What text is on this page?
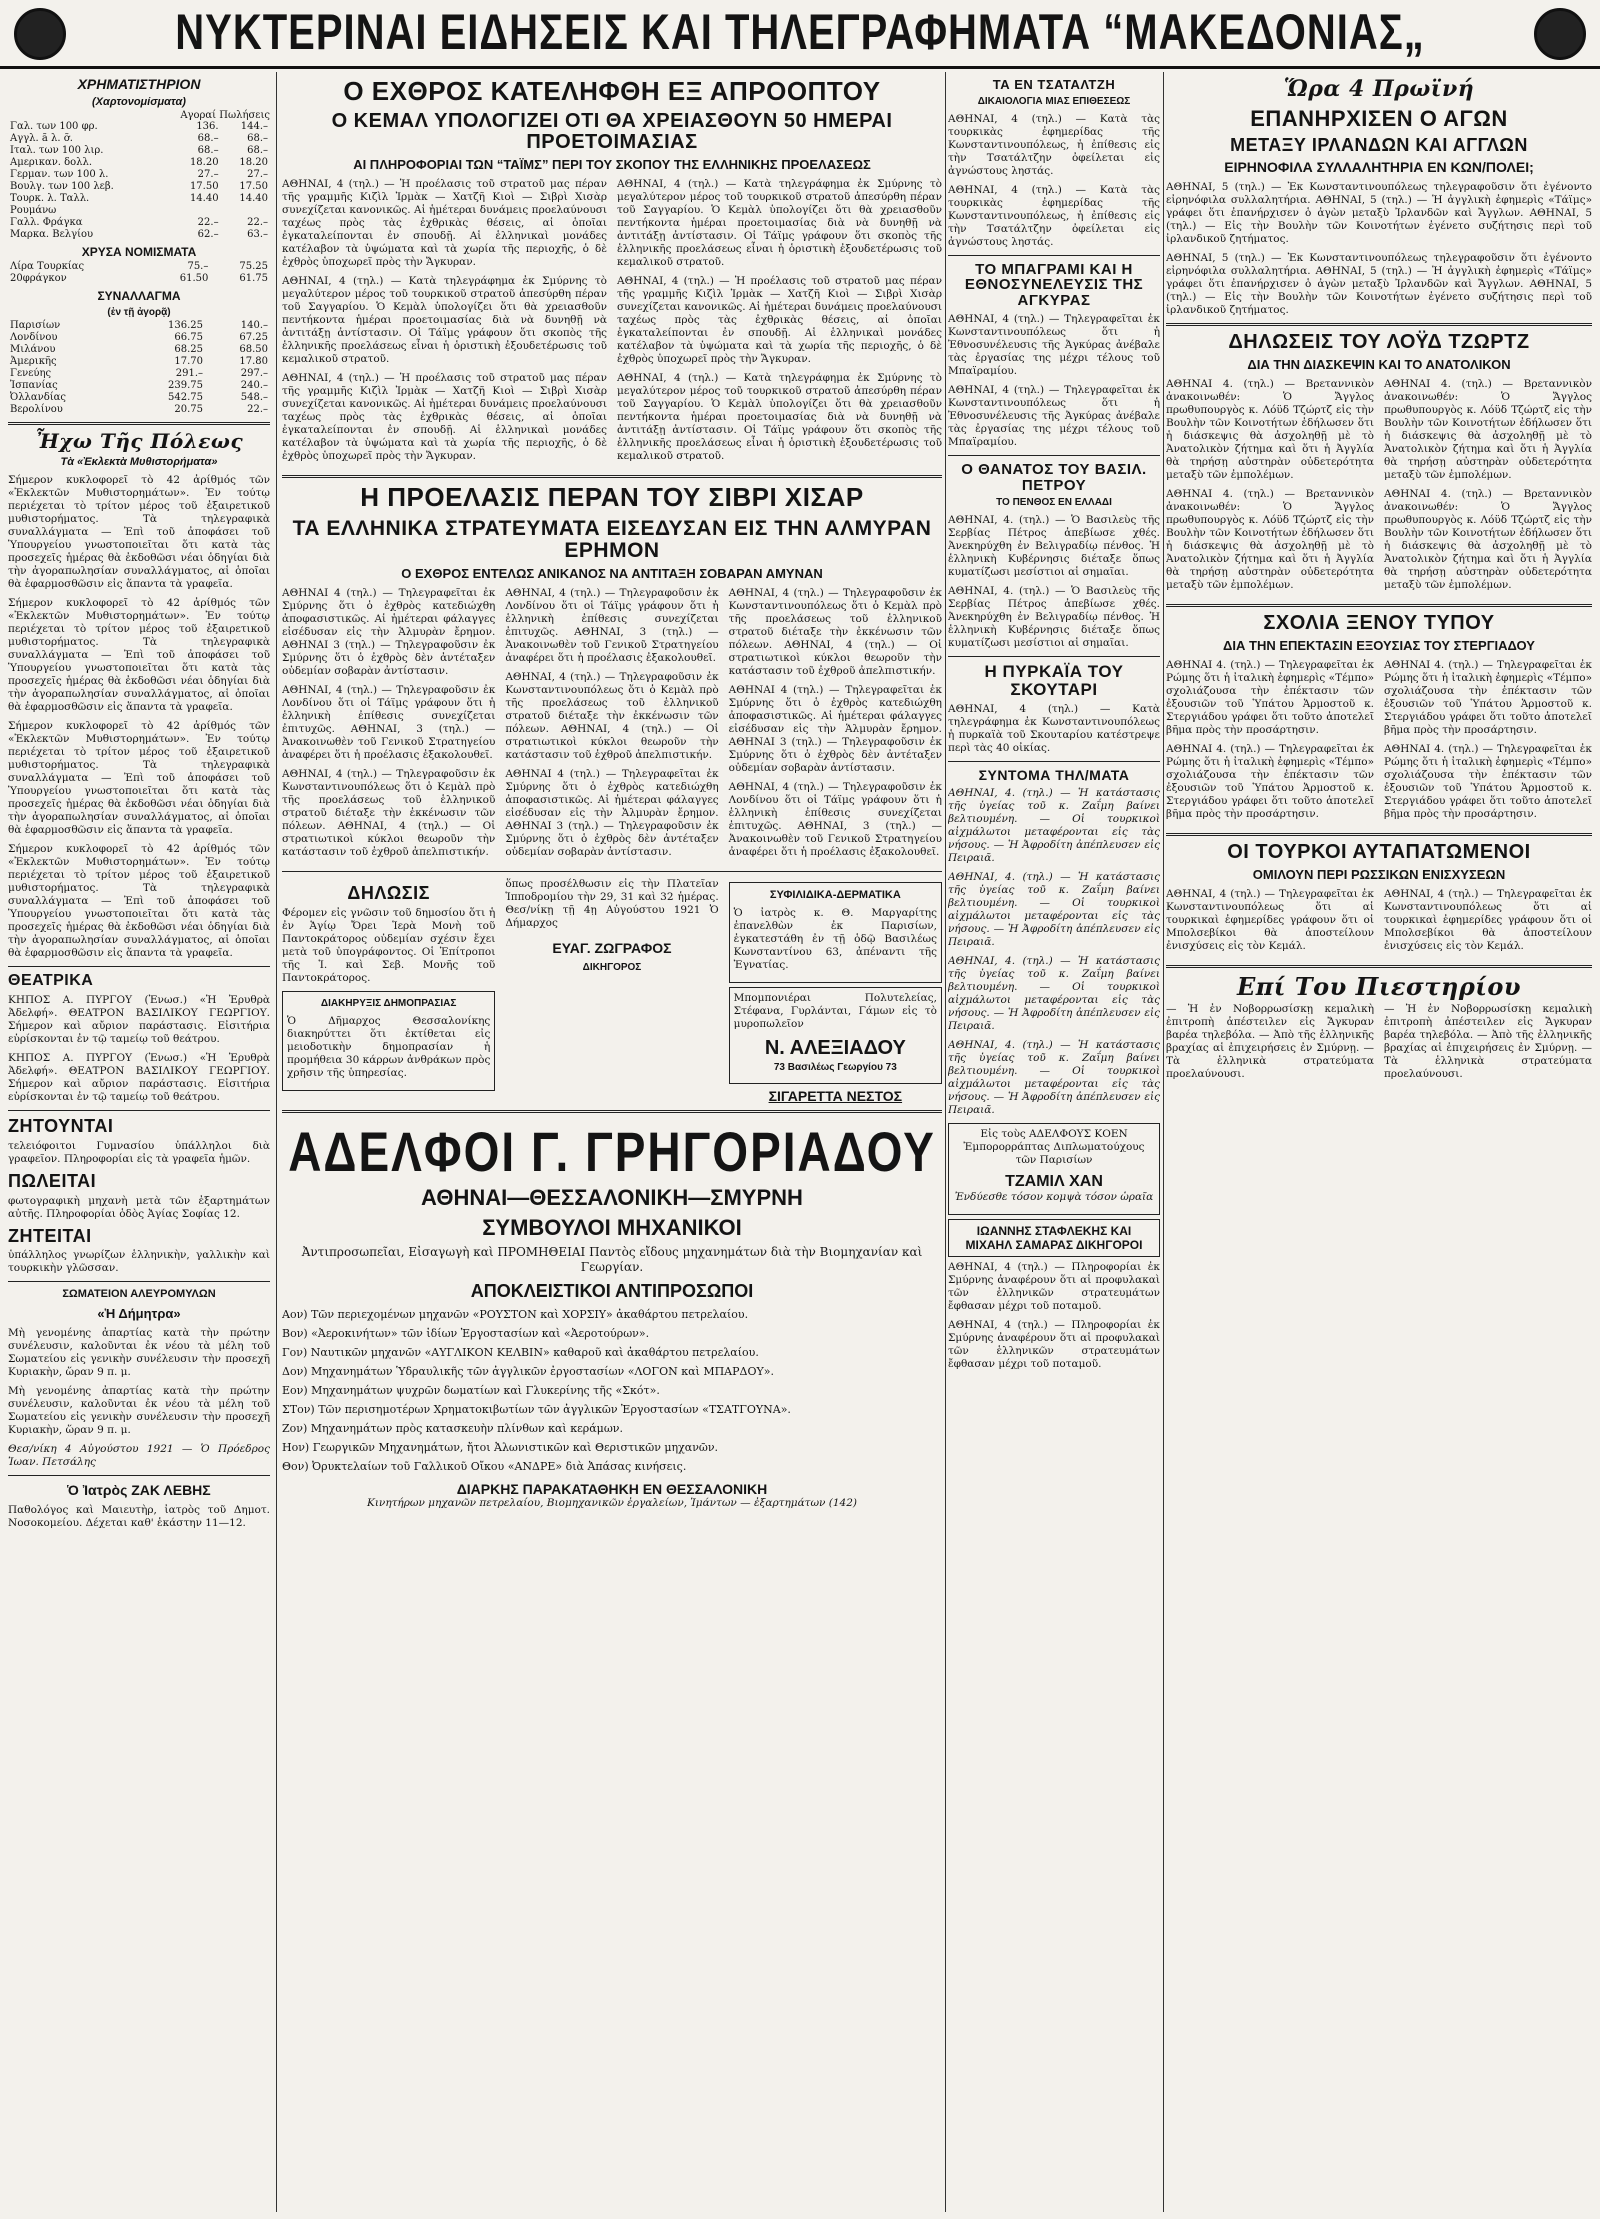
ΝΥΚΤΕΡΙΝΑΙ ΕΙΔΗΣΕΙΣ ΚΑΙ ΤΗΛΕΓΡΑΦΗΜΑΤΑ “ΜΑΚΕΔΟΝΙΑΣ„
ΧΡΗΜΑΤΙΣΤΗΡΙΟΝ
(Χαρτονομίσματα)
Αγοραί Πωλήσεις
Γαλ. των 100 φρ.	136.	144.–
Αγγλ. ã λ. ỡ.	68.–	68.–
Ιταλ. των 100 λιρ.	68.–	68.–
Αμερικαν. δολλ.	18.20	18.20
Γερμαν. των 100 λ.	27.–	27.–
Βουλγ. των 100 λεβ.	17.50	17.50
Τουρκ. λ. Ταλλ.	14.40	14.40
Ρουμάνω		
Γαλλ. Φράγκα	22.–	22.–
Μαρκα. Βελγίου	62.–	63.–
ΧΡΥΣΑ ΝΟΜΙΣΜΑΤΑ
Λίρα Τουρκίας	75.–	75.25
20φράγκον	61.50	61.75
ΣΥΝΑΛΛΑΓΜΑ
(ἐν τῇ ἀγορᾷ)
Παρισίων	136.25	140.–
Λονδίνου	66.75	67.25
Μιλάνου	68.25	68.50
Ἀμερικῆς	17.70	17.80
Γενεύης	291.–	297.–
Ἰσπανίας	239.75	240.–
Ὀλλανδίας	542.75	548.–
Βερολίνου	20.75	22.–
Ἦχω Τῆς Πόλεως
Τὰ «Ἐκλεκτὰ Μυθιστορήματα»

Σήμερον κυκλοφορεῖ τὸ 42 ἀρίθμός τῶν «Ἐκλεκτῶν Μυθιστορημάτων». Ἐν τούτῳ περιέχεται τὸ τρίτον μέρος τοῦ ἐξαιρετικοῦ μυθιστορήματος. Τὰ τηλεγραφικὰ συναλλάγματα — Ἐπὶ τοῦ ἀποφάσει τοῦ Ὑπουργείου γνωστοποιεῖται ὅτι κατὰ τὰς προσεχεῖς ἡμέρας θὰ ἐκδοθῶσι νέαι ὁδηγίαι διὰ τὴν ἀγοραπωλησίαν συναλλάγματος, αἱ ὁποῖαι θὰ ἐφαρμοσθῶσιν εἰς ἅπαντα τὰ γραφεῖα.

Σήμερον κυκλοφορεῖ τὸ 42 ἀρίθμός τῶν «Ἐκλεκτῶν Μυθιστορημάτων». Ἐν τούτῳ περιέχεται τὸ τρίτον μέρος τοῦ ἐξαιρετικοῦ μυθιστορήματος. Τὰ τηλεγραφικὰ συναλλάγματα — Ἐπὶ τοῦ ἀποφάσει τοῦ Ὑπουργείου γνωστοποιεῖται ὅτι κατὰ τὰς προσεχεῖς ἡμέρας θὰ ἐκδοθῶσι νέαι ὁδηγίαι διὰ τὴν ἀγοραπωλησίαν συναλλάγματος, αἱ ὁποῖαι θὰ ἐφαρμοσθῶσιν εἰς ἅπαντα τὰ γραφεῖα.

Σήμερον κυκλοφορεῖ τὸ 42 ἀρίθμός τῶν «Ἐκλεκτῶν Μυθιστορημάτων». Ἐν τούτῳ περιέχεται τὸ τρίτον μέρος τοῦ ἐξαιρετικοῦ μυθιστορήματος. Τὰ τηλεγραφικὰ συναλλάγματα — Ἐπὶ τοῦ ἀποφάσει τοῦ Ὑπουργείου γνωστοποιεῖται ὅτι κατὰ τὰς προσεχεῖς ἡμέρας θὰ ἐκδοθῶσι νέαι ὁδηγίαι διὰ τὴν ἀγοραπωλησίαν συναλλάγματος, αἱ ὁποῖαι θὰ ἐφαρμοσθῶσιν εἰς ἅπαντα τὰ γραφεῖα.

Σήμερον κυκλοφορεῖ τὸ 42 ἀρίθμός τῶν «Ἐκλεκτῶν Μυθιστορημάτων». Ἐν τούτῳ περιέχεται τὸ τρίτον μέρος τοῦ ἐξαιρετικοῦ μυθιστορήματος. Τὰ τηλεγραφικὰ συναλλάγματα — Ἐπὶ τοῦ ἀποφάσει τοῦ Ὑπουργείου γνωστοποιεῖται ὅτι κατὰ τὰς προσεχεῖς ἡμέρας θὰ ἐκδοθῶσι νέαι ὁδηγίαι διὰ τὴν ἀγοραπωλησίαν συναλλάγματος, αἱ ὁποῖαι θὰ ἐφαρμοσθῶσιν εἰς ἅπαντα τὰ γραφεῖα.

ΘΕΑΤΡΙΚΑ

ΚΗΠΟΣ Α. ΠΥΡΓΟΥ (Ἐνωσ.) «Ἡ Ἐρυθρὰ Ἀδελφή». ΘΕΑΤΡΟΝ ΒΑΣΙΛΙΚΟΥ ΓΕΩΡΓΙΟΥ. Σήμερον καὶ αὔριον παράστασις. Εἰσιτήρια εὑρίσκονται ἐν τῷ ταμείῳ τοῦ θεάτρου.

ΚΗΠΟΣ Α. ΠΥΡΓΟΥ (Ἐνωσ.) «Ἡ Ἐρυθρὰ Ἀδελφή». ΘΕΑΤΡΟΝ ΒΑΣΙΛΙΚΟΥ ΓΕΩΡΓΙΟΥ. Σήμερον καὶ αὔριον παράστασις. Εἰσιτήρια εὑρίσκονται ἐν τῷ ταμείῳ τοῦ θεάτρου.

ΖΗΤΟΥΝΤΑΙ

τελειόφοιτοι Γυμνασίου ὑπάλληλοι διὰ γραφεῖον. Πληροφορίαι εἰς τὰ γραφεῖα ἡμῶν.

ΠΩΛΕΙΤΑΙ

φωτογραφικὴ μηχανὴ μετὰ τῶν ἐξαρτημάτων αὐτῆς. Πληροφορίαι ὁδὸς Ἀγίας Σοφίας 12.

ΖΗΤΕΙΤΑΙ

ὑπάλληλος γνωρίζων ἑλληνικὴν, γαλλικὴν καὶ τουρκικὴν γλῶσσαν.

ΣΩΜΑΤΕΙΟΝ ΑΛΕΥΡΟΜΥΛΩΝ
«Ἡ Δήμητρα»

Μὴ γενομένης ἀπαρτίας κατὰ τὴν πρώτην συνέλευσιν, καλοῦνται ἐκ νέου τὰ μέλη τοῦ Σωματείου εἰς γενικὴν συνέλευσιν τὴν προσεχῆ Κυριακὴν, ὥραν 9 π. μ.

Μὴ γενομένης ἀπαρτίας κατὰ τὴν πρώτην συνέλευσιν, καλοῦνται ἐκ νέου τὰ μέλη τοῦ Σωματείου εἰς γενικὴν συνέλευσιν τὴν προσεχῆ Κυριακὴν, ὥραν 9 π. μ.

Θεσ/νίκη 4 Αὐγούστου 1921 — Ὁ Πρόεδρος Ἰωαν. Πετσάλης

Ὁ Ἰατρὸς ΖΑΚ ΛΕΒΗΣ

Παθολόγος καὶ Μαιευτὴρ, ἰατρὸς τοῦ Δημοτ. Νοσοκομείου. Δέχεται καθ' ἑκάστην 11—12.

Ο ΕΧΘΡΟΣ ΚΑΤΕΛΗΦΘΗ ΕΞ ΑΠΡΟΟΠΤΟΥ
Ο ΚΕΜΑΛ ΥΠΟΛΟΓΙΖΕΙ ΟΤΙ ΘΑ ΧΡΕΙΑΣΘΟΥΝ 50 ΗΜΕΡΑΙ ΠΡΟΕΤΟΙΜΑΣΙΑΣ
ΑΙ ΠΛΗΡΟΦΟΡΙΑΙ ΤΩΝ “ΤΑΪΜΣ” ΠΕΡΙ ΤΟΥ ΣΚΟΠΟΥ ΤΗΣ ΕΛΛΗΝΙΚΗΣ ΠΡΟΕΛΑΣΕΩΣ

ΑΘΗΝΑΙ, 4 (τηλ.) — Ἡ προέλασις τοῦ στρατοῦ μας πέραν τῆς γραμμῆς Κιζὶλ Ἰρμὰκ — Χατζῆ Κιοὶ — Σιβρὶ Χισὰρ συνεχίζεται κανονικῶς. Αἱ ἡμέτεραι δυνάμεις προελαύνουσι ταχέως πρὸς τὰς ἐχθρικὰς θέσεις, αἱ ὁποῖαι ἐγκαταλείπονται ἐν σπουδῇ. Αἱ ἑλληνικαὶ μονάδες κατέλαβον τὰ ὑψώματα καὶ τὰ χωρία τῆς περιοχῆς, ὁ δὲ ἐχθρὸς ὑποχωρεῖ πρὸς τὴν Ἄγκυραν.

ΑΘΗΝΑΙ, 4 (τηλ.) — Κατὰ τηλεγράφημα ἐκ Σμύρνης τὸ μεγαλύτερον μέρος τοῦ τουρκικοῦ στρατοῦ ἀπεσύρθη πέραν τοῦ Σαγγαρίου. Ὁ Κεμὰλ ὑπολογίζει ὅτι θὰ χρειασθοῦν πεντήκοντα ἡμέραι προετοιμασίας διὰ νὰ δυνηθῇ νὰ ἀντιτάξῃ ἀντίστασιν. Οἱ Τάϊμς γράφουν ὅτι σκοπὸς τῆς ἑλληνικῆς προελάσεως εἶναι ἡ ὁριστικὴ ἐξουδετέρωσις τοῦ κεμαλικοῦ στρατοῦ.

ΑΘΗΝΑΙ, 4 (τηλ.) — Ἡ προέλασις τοῦ στρατοῦ μας πέραν τῆς γραμμῆς Κιζὶλ Ἰρμὰκ — Χατζῆ Κιοὶ — Σιβρὶ Χισὰρ συνεχίζεται κανονικῶς. Αἱ ἡμέτεραι δυνάμεις προελαύνουσι ταχέως πρὸς τὰς ἐχθρικὰς θέσεις, αἱ ὁποῖαι ἐγκαταλείπονται ἐν σπουδῇ. Αἱ ἑλληνικαὶ μονάδες κατέλαβον τὰ ὑψώματα καὶ τὰ χωρία τῆς περιοχῆς, ὁ δὲ ἐχθρὸς ὑποχωρεῖ πρὸς τὴν Ἄγκυραν.

ΑΘΗΝΑΙ, 4 (τηλ.) — Κατὰ τηλεγράφημα ἐκ Σμύρνης τὸ μεγαλύτερον μέρος τοῦ τουρκικοῦ στρατοῦ ἀπεσύρθη πέραν τοῦ Σαγγαρίου. Ὁ Κεμὰλ ὑπολογίζει ὅτι θὰ χρειασθοῦν πεντήκοντα ἡμέραι προετοιμασίας διὰ νὰ δυνηθῇ νὰ ἀντιτάξῃ ἀντίστασιν. Οἱ Τάϊμς γράφουν ὅτι σκοπὸς τῆς ἑλληνικῆς προελάσεως εἶναι ἡ ὁριστικὴ ἐξουδετέρωσις τοῦ κεμαλικοῦ στρατοῦ.

ΑΘΗΝΑΙ, 4 (τηλ.) — Ἡ προέλασις τοῦ στρατοῦ μας πέραν τῆς γραμμῆς Κιζὶλ Ἰρμὰκ — Χατζῆ Κιοὶ — Σιβρὶ Χισὰρ συνεχίζεται κανονικῶς. Αἱ ἡμέτεραι δυνάμεις προελαύνουσι ταχέως πρὸς τὰς ἐχθρικὰς θέσεις, αἱ ὁποῖαι ἐγκαταλείπονται ἐν σπουδῇ. Αἱ ἑλληνικαὶ μονάδες κατέλαβον τὰ ὑψώματα καὶ τὰ χωρία τῆς περιοχῆς, ὁ δὲ ἐχθρὸς ὑποχωρεῖ πρὸς τὴν Ἄγκυραν.

ΑΘΗΝΑΙ, 4 (τηλ.) — Κατὰ τηλεγράφημα ἐκ Σμύρνης τὸ μεγαλύτερον μέρος τοῦ τουρκικοῦ στρατοῦ ἀπεσύρθη πέραν τοῦ Σαγγαρίου. Ὁ Κεμὰλ ὑπολογίζει ὅτι θὰ χρειασθοῦν πεντήκοντα ἡμέραι προετοιμασίας διὰ νὰ δυνηθῇ νὰ ἀντιτάξῃ ἀντίστασιν. Οἱ Τάϊμς γράφουν ὅτι σκοπὸς τῆς ἑλληνικῆς προελάσεως εἶναι ἡ ὁριστικὴ ἐξουδετέρωσις τοῦ κεμαλικοῦ στρατοῦ.

Η ΠΡΟΕΛΑΣΙΣ ΠΕΡΑΝ ΤΟΥ ΣΙΒΡΙ ΧΙΣΑΡ
ΤΑ ΕΛΛΗΝΙΚΑ ΣΤΡΑΤΕΥΜΑΤΑ ΕΙΣΕΔΥΣΑΝ ΕΙΣ ΤΗΝ ΑΛΜΥΡΑΝ ΕΡΗΜΟΝ
Ο ΕΧΘΡΟΣ ΕΝΤΕΛΩΣ ΑΝΙΚΑΝΟΣ ΝΑ ΑΝΤΙΤΑΞΗ ΣΟΒΑΡΑΝ ΑΜΥΝΑΝ

ΑΘΗΝΑΙ 4 (τηλ.) — Τηλεγραφεῖται ἐκ Σμύρνης ὅτι ὁ ἐχθρὸς κατεδιώχθη ἀποφασιστικῶς. Αἱ ἡμέτεραι φάλαγγες εἰσέδυσαν εἰς τὴν Ἁλμυρὰν ἔρημον. ΑΘΗΝΑΙ 3 (τηλ.) — Τηλεγραφοῦσιν ἐκ Σμύρνης ὅτι ὁ ἐχθρὸς δὲν ἀντέταξεν οὐδεμίαν σοβαρὰν ἀντίστασιν.

ΑΘΗΝΑΙ, 4 (τηλ.) — Τηλεγραφοῦσιν ἐκ Λονδίνου ὅτι οἱ Τάϊμς γράφουν ὅτι ἡ ἑλληνικὴ ἐπίθεσις συνεχίζεται ἐπιτυχῶς. ΑΘΗΝΑΙ, 3 (τηλ.) — Ἀνακοινωθὲν τοῦ Γενικοῦ Στρατηγείου ἀναφέρει ὅτι ἡ προέλασις ἐξακολουθεῖ.

ΑΘΗΝΑΙ, 4 (τηλ.) — Τηλεγραφοῦσιν ἐκ Κωνσταντινουπόλεως ὅτι ὁ Κεμὰλ πρὸ τῆς προελάσεως τοῦ ἑλληνικοῦ στρατοῦ διέταξε τὴν ἐκκένωσιν τῶν πόλεων. ΑΘΗΝΑΙ, 4 (τηλ.) — Οἱ στρατιωτικοὶ κύκλοι θεωροῦν τὴν κατάστασιν τοῦ ἐχθροῦ ἀπελπιστικήν.

ΑΘΗΝΑΙ, 4 (τηλ.) — Τηλεγραφοῦσιν ἐκ Λονδίνου ὅτι οἱ Τάϊμς γράφουν ὅτι ἡ ἑλληνικὴ ἐπίθεσις συνεχίζεται ἐπιτυχῶς. ΑΘΗΝΑΙ, 3 (τηλ.) — Ἀνακοινωθὲν τοῦ Γενικοῦ Στρατηγείου ἀναφέρει ὅτι ἡ προέλασις ἐξακολουθεῖ.

ΑΘΗΝΑΙ, 4 (τηλ.) — Τηλεγραφοῦσιν ἐκ Κωνσταντινουπόλεως ὅτι ὁ Κεμὰλ πρὸ τῆς προελάσεως τοῦ ἑλληνικοῦ στρατοῦ διέταξε τὴν ἐκκένωσιν τῶν πόλεων. ΑΘΗΝΑΙ, 4 (τηλ.) — Οἱ στρατιωτικοὶ κύκλοι θεωροῦν τὴν κατάστασιν τοῦ ἐχθροῦ ἀπελπιστικήν.

ΑΘΗΝΑΙ 4 (τηλ.) — Τηλεγραφεῖται ἐκ Σμύρνης ὅτι ὁ ἐχθρὸς κατεδιώχθη ἀποφασιστικῶς. Αἱ ἡμέτεραι φάλαγγες εἰσέδυσαν εἰς τὴν Ἁλμυρὰν ἔρημον. ΑΘΗΝΑΙ 3 (τηλ.) — Τηλεγραφοῦσιν ἐκ Σμύρνης ὅτι ὁ ἐχθρὸς δὲν ἀντέταξεν οὐδεμίαν σοβαρὰν ἀντίστασιν.

ΑΘΗΝΑΙ, 4 (τηλ.) — Τηλεγραφοῦσιν ἐκ Κωνσταντινουπόλεως ὅτι ὁ Κεμὰλ πρὸ τῆς προελάσεως τοῦ ἑλληνικοῦ στρατοῦ διέταξε τὴν ἐκκένωσιν τῶν πόλεων. ΑΘΗΝΑΙ, 4 (τηλ.) — Οἱ στρατιωτικοὶ κύκλοι θεωροῦν τὴν κατάστασιν τοῦ ἐχθροῦ ἀπελπιστικήν.

ΑΘΗΝΑΙ 4 (τηλ.) — Τηλεγραφεῖται ἐκ Σμύρνης ὅτι ὁ ἐχθρὸς κατεδιώχθη ἀποφασιστικῶς. Αἱ ἡμέτεραι φάλαγγες εἰσέδυσαν εἰς τὴν Ἁλμυρὰν ἔρημον. ΑΘΗΝΑΙ 3 (τηλ.) — Τηλεγραφοῦσιν ἐκ Σμύρνης ὅτι ὁ ἐχθρὸς δὲν ἀντέταξεν οὐδεμίαν σοβαρὰν ἀντίστασιν.

ΑΘΗΝΑΙ, 4 (τηλ.) — Τηλεγραφοῦσιν ἐκ Λονδίνου ὅτι οἱ Τάϊμς γράφουν ὅτι ἡ ἑλληνικὴ ἐπίθεσις συνεχίζεται ἐπιτυχῶς. ΑΘΗΝΑΙ, 3 (τηλ.) — Ἀνακοινωθὲν τοῦ Γενικοῦ Στρατηγείου ἀναφέρει ὅτι ἡ προέλασις ἐξακολουθεῖ.

ΔΗΛΩΣΙΣ

Φέρομεν εἰς γνῶσιν τοῦ δημοσίου ὅτι ἡ ἐν Ἁγίῳ Ὄρει Ἱερὰ Μονὴ τοῦ Παντοκράτορος οὐδεμίαν σχέσιν ἔχει μετὰ τοῦ ὑπογράφοντος. Οἱ Ἐπίτροποι τῆς Ἱ. καὶ Σεβ. Μονῆς τοῦ Παντοκράτορος.

ΔΙΑΚΗΡΥΞΙΣ ΔΗΜΟΠΡΑΣΙΑΣ

Ὁ Δῆμαρχος Θεσσαλονίκης διακηρύττει ὅτι ἐκτίθεται εἰς μειοδοτικὴν δημοπρασίαν ἡ προμήθεια 30 κάρρων ἀνθράκων πρὸς χρῆσιν τῆς ὑπηρεσίας.

ὅπως προσέλθωσιν εἰς τὴν Πλατεῖαν Ἱπποδρομίου τὴν 29, 31 καὶ 32 ἡμέρας. Θεσ/νίκῃ τῇ 4ῃ Αὐγούστου 1921 Ὁ Δήμαρχος

ΕΥΑΓ. ΖΩΓΡΑΦΟΣ
ΔΙΚΗΓΟΡΟΣ
ΣΥΦΙΛΙΔΙΚΑ-ΔΕΡΜΑΤΙΚΑ

Ὁ ἰατρὸς κ. Θ. Μαργαρίτης ἐπανελθὼν ἐκ Παρισίων, ἐγκατεστάθη ἐν τῇ ὁδῷ Βασιλέως Κωνσταντίνου 63, ἀπέναντι τῆς Ἐγνατίας.

Μπομπονιέραι Πολυτελείας, Στέφανα, Γυρλάνται, Γάμων εἰς τὸ μυροπωλεῖον

Ν. ΑΛΕΞΙΑΔΟΥ
73 Βασιλέως Γεωργίου 73
ΣΙΓΑΡΕΤΤΑ ΝΕΣΤΟΣ
ΑΔΕΛΦΟΙ Γ. ΓΡΗΓΟΡΙΑΔΟΥ
ΑΘΗΝΑΙ—ΘΕΣΣΑΛΟΝΙΚΗ—ΣΜΥΡΝΗ
ΣΥΜΒΟΥΛΟΙ ΜΗΧΑΝΙΚΟΙ

Ἀντιπροσωπεῖαι, Εἰσαγωγὴ καὶ ΠΡΟΜΗΘΕΙΑΙ Παντὸς εἴδους μηχανημάτων διὰ τὴν Βιομηχανίαν καὶ Γεωργίαν.

ΑΠΟΚΛΕΙΣΤΙΚΟΙ ΑΝΤΙΠΡΟΣΩΠΟΙ

Αον) Τῶν περιεχομένων μηχανῶν «ΡΟΥΣΤΟΝ καὶ ΧΟΡΣΙΥ» ἀκαθάρτου πετρελαίου.

Βον) «Ἀεροκινήτων» τῶν ἰδίων Ἐργοστασίων καὶ «Ἀεροτούρων».

Γον) Ναυτικῶν μηχανῶν «ΑΥΓΛΙΚΟΝ ΚΕΛΒΙΝ» καθαροῦ καὶ ἀκαθάρτου πετρελαίου.

Δον) Μηχανημάτων Ὑδραυλικῆς τῶν ἀγγλικῶν ἐργοστασίων «ΛΟΓΟΝ καὶ ΜΠΑΡΔΟΥ».

Εον) Μηχανημάτων ψυχρῶν δωματίων καὶ Γλυκερίνης τῆς «Σκότ».

ΣΤον) Τῶν περισημοτέρων Χρηματοκιβωτίων τῶν ἀγγλικῶν Ἐργοστασίων «ΤΣΑΤΓΟΥΝΑ».

Ζον) Μηχανημάτων πρὸς κατασκευὴν πλίνθων καὶ κεράμων.

Ηον) Γεωργικῶν Μηχανημάτων, ἤτοι Ἀλωνιστικῶν καὶ Θεριστικῶν μηχανῶν.

Θον) Ὀρυκτελαίων τοῦ Γαλλικοῦ Οἴκου «ΑΝΔΡΕ» διὰ Ἀπάσας κινήσεις.

ΔΙΑΡΚΗΣ ΠΑΡΑΚΑΤΑΘΗΚΗ ΕΝ ΘΕΣΣΑΛΟΝΙΚΗ

Κινητήρων μηχανῶν πετρελαίου, Βιομηχανικῶν ἐργαλείων, Ἱμάντων — ἐξαρτημάτων (142)

ΤΑ ΕΝ ΤΣΑΤΑΛΤΖΗ
ΔΙΚΑΙΟΛΟΓΙΑ ΜΙΑΣ ΕΠΙΘΕΣΕΩΣ

ΑΘΗΝΑΙ, 4 (τηλ.) — Κατὰ τὰς τουρκικὰς ἐφημερίδας τῆς Κωνσταντινουπόλεως, ἡ ἐπίθεσις εἰς τὴν Τσατάλτζην ὀφείλεται εἰς ἀγνώστους ληστάς.

ΑΘΗΝΑΙ, 4 (τηλ.) — Κατὰ τὰς τουρκικὰς ἐφημερίδας τῆς Κωνσταντινουπόλεως, ἡ ἐπίθεσις εἰς τὴν Τσατάλτζην ὀφείλεται εἰς ἀγνώστους ληστάς.

ΤΟ ΜΠΑΓΡΑΜΙ ΚΑΙ Η ΕΘΝΟΣΥΝΕΛΕΥΣΙΣ ΤΗΣ ΑΓΚΥΡΑΣ

ΑΘΗΝΑΙ, 4 (τηλ.) — Τηλεγραφεῖται ἐκ Κωνσταντινουπόλεως ὅτι ἡ Ἐθνοσυνέλευσις τῆς Ἀγκύρας ἀνέβαλε τὰς ἐργασίας της μέχρι τέλους τοῦ Μπαϊραμίου.

ΑΘΗΝΑΙ, 4 (τηλ.) — Τηλεγραφεῖται ἐκ Κωνσταντινουπόλεως ὅτι ἡ Ἐθνοσυνέλευσις τῆς Ἀγκύρας ἀνέβαλε τὰς ἐργασίας της μέχρι τέλους τοῦ Μπαϊραμίου.

Ο ΘΑΝΑΤΟΣ ΤΟΥ ΒΑΣΙΛ. ΠΕΤΡΟΥ
ΤΟ ΠΕΝΘΟΣ ΕΝ ΕΛΛΑΔΙ

ΑΘΗΝΑΙ, 4. (τηλ.) — Ὁ Βασιλεὺς τῆς Σερβίας Πέτρος ἀπεβίωσε χθές. Ἀνεκηρύχθη ἐν Βελιγραδίῳ πένθος. Ἡ ἑλληνικὴ Κυβέρνησις διέταξε ὅπως κυματίζωσι μεσίστιοι αἱ σημαῖαι.

ΑΘΗΝΑΙ, 4. (τηλ.) — Ὁ Βασιλεὺς τῆς Σερβίας Πέτρος ἀπεβίωσε χθές. Ἀνεκηρύχθη ἐν Βελιγραδίῳ πένθος. Ἡ ἑλληνικὴ Κυβέρνησις διέταξε ὅπως κυματίζωσι μεσίστιοι αἱ σημαῖαι.

Η ΠΥΡΚΑΪΑ ΤΟΥ ΣΚΟΥΤΑΡΙ

ΑΘΗΝΑΙ, 4 (τηλ.) — Κατὰ τηλεγράφημα ἐκ Κωνσταντινουπόλεως ἡ πυρκαϊὰ τοῦ Σκουταρίου κατέστρεψε περὶ τὰς 40 οἰκίας.

ΣΥΝΤΟΜΑ ΤΗΛ/ΜΑΤΑ

ΑΘΗΝΑΙ, 4. (τηλ.) — Ἡ κατάστασις τῆς ὑγείας τοῦ κ. Ζαΐμη βαίνει βελτιουμένη. — Οἱ τουρκικοὶ αἰχμάλωτοι μεταφέρονται εἰς τὰς νήσους. — Ἡ Ἀφροδίτη ἀπέπλευσεν εἰς Πειραιᾶ.

ΑΘΗΝΑΙ, 4. (τηλ.) — Ἡ κατάστασις τῆς ὑγείας τοῦ κ. Ζαΐμη βαίνει βελτιουμένη. — Οἱ τουρκικοὶ αἰχμάλωτοι μεταφέρονται εἰς τὰς νήσους. — Ἡ Ἀφροδίτη ἀπέπλευσεν εἰς Πειραιᾶ.

ΑΘΗΝΑΙ, 4. (τηλ.) — Ἡ κατάστασις τῆς ὑγείας τοῦ κ. Ζαΐμη βαίνει βελτιουμένη. — Οἱ τουρκικοὶ αἰχμάλωτοι μεταφέρονται εἰς τὰς νήσους. — Ἡ Ἀφροδίτη ἀπέπλευσεν εἰς Πειραιᾶ.

ΑΘΗΝΑΙ, 4. (τηλ.) — Ἡ κατάστασις τῆς ὑγείας τοῦ κ. Ζαΐμη βαίνει βελτιουμένη. — Οἱ τουρκικοὶ αἰχμάλωτοι μεταφέρονται εἰς τὰς νήσους. — Ἡ Ἀφροδίτη ἀπέπλευσεν εἰς Πειραιᾶ.

Εἰς τοὺς ΑΔΕΛΦΟΥΣ ΚΟΕΝ Ἐμπορορράπτας Διπλωματούχους τῶν Παρισίων

ΤΖΑΜΙΛ ΧΑΝ

Ἐνδύεσθε τόσον κομψὰ τόσον ὡραῖα

ΙΩΑΝΝΗΣ ΣΤΑΦΛΕΚΗΣ ΚΑΙ ΜΙΧΑΗΛ ΣΑΜΑΡΑΣ ΔΙΚΗΓΟΡΟΙ

ΑΘΗΝΑΙ, 4 (τηλ.) — Πληροφορίαι ἐκ Σμύρνης ἀναφέρουν ὅτι αἱ προφυλακαὶ τῶν ἑλληνικῶν στρατευμάτων ἔφθασαν μέχρι τοῦ ποταμοῦ.

ΑΘΗΝΑΙ, 4 (τηλ.) — Πληροφορίαι ἐκ Σμύρνης ἀναφέρουν ὅτι αἱ προφυλακαὶ τῶν ἑλληνικῶν στρατευμάτων ἔφθασαν μέχρι τοῦ ποταμοῦ.

Ὥρα 4 Πρωϊνή
ΕΠΑΝΗΡΧΙΣΕΝ Ο ΑΓΩΝ
ΜΕΤΑΞΥ ΙΡΛΑΝΔΩΝ ΚΑΙ ΑΓΓΛΩΝ
ΕΙΡΗΝΟΦΙΛΑ ΣΥΛΛΑΛΗΤΗΡΙΑ ΕΝ ΚΩΝ/ΠΟΛΕΙ;

ΑΘΗΝΑΙ, 5 (τηλ.) — Ἐκ Κωνσταντινουπόλεως τηλεγραφοῦσιν ὅτι ἐγένοντο εἰρηνόφιλα συλλαλητήρια. ΑΘΗΝΑΙ, 5 (τηλ.) — Ἡ ἀγγλικὴ ἐφημερὶς «Τάϊμς» γράφει ὅτι ἐπανήρχισεν ὁ ἀγὼν μεταξὺ Ἰρλανδῶν καὶ Ἄγγλων. ΑΘΗΝΑΙ, 5 (τηλ.) — Εἰς τὴν Βουλὴν τῶν Κοινοτήτων ἐγένετο συζήτησις περὶ τοῦ ἰρλανδικοῦ ζητήματος.

ΑΘΗΝΑΙ, 5 (τηλ.) — Ἐκ Κωνσταντινουπόλεως τηλεγραφοῦσιν ὅτι ἐγένοντο εἰρηνόφιλα συλλαλητήρια. ΑΘΗΝΑΙ, 5 (τηλ.) — Ἡ ἀγγλικὴ ἐφημερὶς «Τάϊμς» γράφει ὅτι ἐπανήρχισεν ὁ ἀγὼν μεταξὺ Ἰρλανδῶν καὶ Ἄγγλων. ΑΘΗΝΑΙ, 5 (τηλ.) — Εἰς τὴν Βουλὴν τῶν Κοινοτήτων ἐγένετο συζήτησις περὶ τοῦ ἰρλανδικοῦ ζητήματος.

ΔΗΛΩΣΕΙΣ ΤΟΥ ΛΟΫΔ ΤΖΩΡΤΖ
ΔΙΑ ΤΗΝ ΔΙΑΣΚΕΨΙΝ ΚΑΙ ΤΟ ΑΝΑΤΟΛΙΚΟΝ

ΑΘΗΝΑΙ 4. (τηλ.) — Βρεταννικὸν ἀνακοινωθέν: Ὁ Ἄγγλος πρωθυπουργὸς κ. Λόϋδ Τζώρτζ εἰς τὴν Βουλὴν τῶν Κοινοτήτων ἐδήλωσεν ὅτι ἡ διάσκεψις θὰ ἀσχοληθῇ μὲ τὸ Ἀνατολικὸν ζήτημα καὶ ὅτι ἡ Ἀγγλία θὰ τηρήσῃ αὐστηρὰν οὐδετερότητα μεταξὺ τῶν ἐμπολέμων.

ΑΘΗΝΑΙ 4. (τηλ.) — Βρεταννικὸν ἀνακοινωθέν: Ὁ Ἄγγλος πρωθυπουργὸς κ. Λόϋδ Τζώρτζ εἰς τὴν Βουλὴν τῶν Κοινοτήτων ἐδήλωσεν ὅτι ἡ διάσκεψις θὰ ἀσχοληθῇ μὲ τὸ Ἀνατολικὸν ζήτημα καὶ ὅτι ἡ Ἀγγλία θὰ τηρήσῃ αὐστηρὰν οὐδετερότητα μεταξὺ τῶν ἐμπολέμων.

ΑΘΗΝΑΙ 4. (τηλ.) — Βρεταννικὸν ἀνακοινωθέν: Ὁ Ἄγγλος πρωθυπουργὸς κ. Λόϋδ Τζώρτζ εἰς τὴν Βουλὴν τῶν Κοινοτήτων ἐδήλωσεν ὅτι ἡ διάσκεψις θὰ ἀσχοληθῇ μὲ τὸ Ἀνατολικὸν ζήτημα καὶ ὅτι ἡ Ἀγγλία θὰ τηρήσῃ αὐστηρὰν οὐδετερότητα μεταξὺ τῶν ἐμπολέμων.

ΑΘΗΝΑΙ 4. (τηλ.) — Βρεταννικὸν ἀνακοινωθέν: Ὁ Ἄγγλος πρωθυπουργὸς κ. Λόϋδ Τζώρτζ εἰς τὴν Βουλὴν τῶν Κοινοτήτων ἐδήλωσεν ὅτι ἡ διάσκεψις θὰ ἀσχοληθῇ μὲ τὸ Ἀνατολικὸν ζήτημα καὶ ὅτι ἡ Ἀγγλία θὰ τηρήσῃ αὐστηρὰν οὐδετερότητα μεταξὺ τῶν ἐμπολέμων.

ΣΧΟΛΙΑ ΞΕΝΟΥ ΤΥΠΟΥ
ΔΙΑ ΤΗΝ ΕΠΕΚΤΑΣΙΝ ΕΞΟΥΣΙΑΣ ΤΟΥ ΣΤΕΡΓΙΑΔΟΥ

ΑΘΗΝΑΙ 4. (τηλ.) — Τηλεγραφεῖται ἐκ Ρώμης ὅτι ἡ ἰταλικὴ ἐφημερὶς «Τέμπο» σχολιάζουσα τὴν ἐπέκτασιν τῶν ἐξουσιῶν τοῦ Ὑπάτου Ἁρμοστοῦ κ. Στεργιάδου γράφει ὅτι τοῦτο ἀποτελεῖ βῆμα πρὸς τὴν προσάρτησιν.

ΑΘΗΝΑΙ 4. (τηλ.) — Τηλεγραφεῖται ἐκ Ρώμης ὅτι ἡ ἰταλικὴ ἐφημερὶς «Τέμπο» σχολιάζουσα τὴν ἐπέκτασιν τῶν ἐξουσιῶν τοῦ Ὑπάτου Ἁρμοστοῦ κ. Στεργιάδου γράφει ὅτι τοῦτο ἀποτελεῖ βῆμα πρὸς τὴν προσάρτησιν.

ΑΘΗΝΑΙ 4. (τηλ.) — Τηλεγραφεῖται ἐκ Ρώμης ὅτι ἡ ἰταλικὴ ἐφημερὶς «Τέμπο» σχολιάζουσα τὴν ἐπέκτασιν τῶν ἐξουσιῶν τοῦ Ὑπάτου Ἁρμοστοῦ κ. Στεργιάδου γράφει ὅτι τοῦτο ἀποτελεῖ βῆμα πρὸς τὴν προσάρτησιν.

ΑΘΗΝΑΙ 4. (τηλ.) — Τηλεγραφεῖται ἐκ Ρώμης ὅτι ἡ ἰταλικὴ ἐφημερὶς «Τέμπο» σχολιάζουσα τὴν ἐπέκτασιν τῶν ἐξουσιῶν τοῦ Ὑπάτου Ἁρμοστοῦ κ. Στεργιάδου γράφει ὅτι τοῦτο ἀποτελεῖ βῆμα πρὸς τὴν προσάρτησιν.

ΟΙ ΤΟΥΡΚΟΙ ΑΥΤΑΠΑΤΩΜΕΝΟΙ
ΟΜΙΛΟΥΝ ΠΕΡΙ ΡΩΣΣΙΚΩΝ ΕΝΙΣΧΥΣΕΩΝ

ΑΘΗΝΑΙ, 4 (τηλ.) — Τηλεγραφεῖται ἐκ Κωνσταντινουπόλεως ὅτι αἱ τουρκικαὶ ἐφημερίδες γράφουν ὅτι οἱ Μπολσεβίκοι θὰ ἀποστείλουν ἐνισχύσεις εἰς τὸν Κεμάλ.

ΑΘΗΝΑΙ, 4 (τηλ.) — Τηλεγραφεῖται ἐκ Κωνσταντινουπόλεως ὅτι αἱ τουρκικαὶ ἐφημερίδες γράφουν ὅτι οἱ Μπολσεβίκοι θὰ ἀποστείλουν ἐνισχύσεις εἰς τὸν Κεμάλ.

Επί Του Πιεστηρίου

— Ἡ ἐν Νοβορρωσίσκῃ κεμαλικὴ ἐπιτροπὴ ἀπέστειλεν εἰς Ἄγκυραν βαρέα τηλεβόλα. — Ἀπὸ τῆς ἑλληνικῆς βραχίας αἱ ἐπιχειρήσεις ἐν Σμύρνῃ. — Τὰ ἑλληνικὰ στρατεύματα προελαύνουσι.

— Ἡ ἐν Νοβορρωσίσκῃ κεμαλικὴ ἐπιτροπὴ ἀπέστειλεν εἰς Ἄγκυραν βαρέα τηλεβόλα. — Ἀπὸ τῆς ἑλληνικῆς βραχίας αἱ ἐπιχειρήσεις ἐν Σμύρνῃ. — Τὰ ἑλληνικὰ στρατεύματα προελαύνουσι.
